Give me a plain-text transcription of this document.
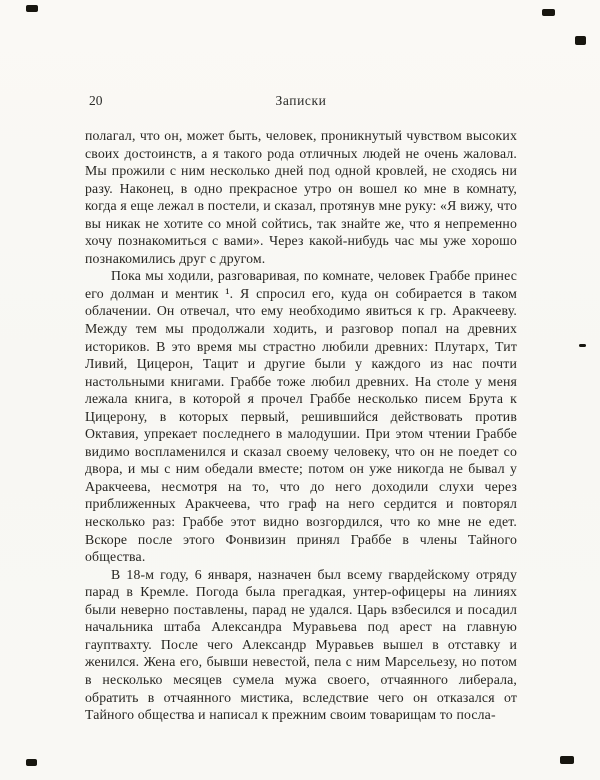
20	Записки

полагал, что он, может быть, человек, проникнутый чувством высоких своих достоинств, а я такого рода отличных людей не очень жаловал. Мы прожили с ним несколько дней под одной кровлей, не сходясь ни разу. Наконец, в одно прекрасное утро он вошел ко мне в комнату, когда я еще лежал в постели, и сказал, протянув мне руку: «Я вижу, что вы никак не хотите со мной сойтись, так знайте же, что я непременно хочу познакомиться с вами». Через какой-нибудь час мы уже хорошо познакомились друг с другом.

Пока мы ходили, разговаривая, по комнате, человек Граббе принес его долман и ментик ¹. Я спросил его, куда он собирается в таком облачении. Он отвечал, что ему необходимо явиться к гр. Аракчееву. Между тем мы продолжали ходить, и разговор попал на древних историков. В это время мы страстно любили древних: Плутарх, Тит Ливий, Цицерон, Тацит и другие были у каждого из нас почти настольными книгами. Граббе тоже любил древних. На столе у меня лежала книга, в которой я прочел Граббе несколько писем Брута к Цицерону, в которых первый, решившийся действовать против Октавия, упрекает последнего в малодушии. При этом чтении Граббе видимо воспламенился и сказал своему человеку, что он не поедет со двора, и мы с ним обедали вместе; потом он уже никогда не бывал у Аракчеева, несмотря на то, что до него доходили слухи через приближенных Аракчеева, что граф на него сердится и повторял несколько раз: Граббе этот видно возгордился, что ко мне не едет. Вскоре после этого Фонвизин принял Граббе в члены Тайного общества.

В 18-м году, 6 января, назначен был всему гвардейскому отряду парад в Кремле. Погода была прегадкая, унтер-офицеры на линиях были неверно поставлены, парад не удался. Царь взбесился и посадил начальника штаба Александра Муравьева под арест на главную гауптвахту. После чего Александр Муравьев вышел в отставку и женился. Жена его, бывши невестой, пела с ним Марсельезу, но потом в несколько месяцев сумела мужа своего, отчаянного либерала, обратить в отчаянного мистика, вследствие чего он отказался от Тайного общества и написал к прежним своим товарищам то посла-
